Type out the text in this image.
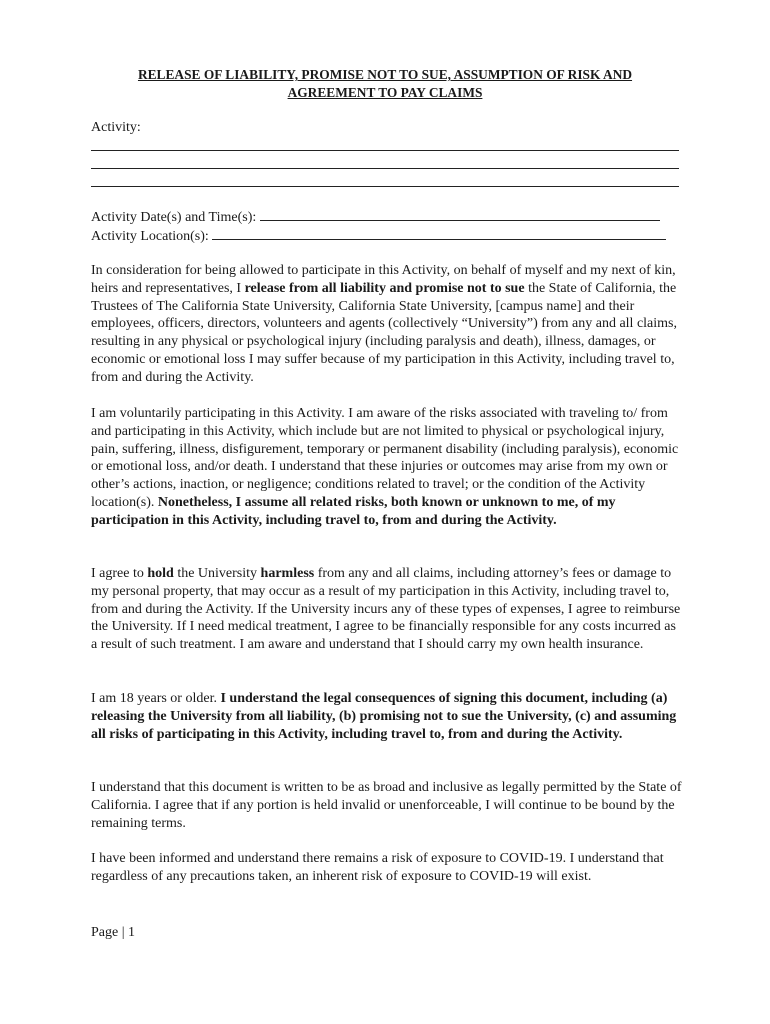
RELEASE OF LIABILITY, PROMISE NOT TO SUE, ASSUMPTION OF RISK AND
AGREEMENT TO PAY CLAIMS
Activity:
Activity Date(s) and Time(s):
Activity Location(s):

In consideration for being allowed to participate in this Activity, on behalf of myself and my next of kin, heirs and representatives, I release from all liability and promise not to sue the State of California, the Trustees of The California State University, California State University, [campus name] and their employees, officers, directors, volunteers and agents (collectively “University”) from any and all claims, resulting in any physical or psychological injury (including paralysis and death), illness, damages, or economic or emotional loss I may suffer because of my participation in this Activity, including travel to, from and during the Activity.

I am voluntarily participating in this Activity. I am aware of the risks associated with traveling to/ from and participating in this Activity, which include but are not limited to physical or psychological injury, pain, suffering, illness, disfigurement, temporary or permanent disability (including paralysis), economic or emotional loss, and/or death. I understand that these injuries or outcomes may arise from my own or other’s actions, inaction, or negligence; conditions related to travel; or the condition of the Activity location(s). Nonetheless, I assume all related risks, both known or unknown to me, of my participation in this Activity, including travel to, from and during the Activity.

I agree to hold the University harmless from any and all claims, including attorney’s fees or damage to my personal property, that may occur as a result of my participation in this Activity, including travel to, from and during the Activity. If the University incurs any of these types of expenses, I agree to reimburse the University. If I need medical treatment, I agree to be financially responsible for any costs incurred as a result of such treatment. I am aware and understand that I should carry my own health insurance.

I am 18 years or older. I understand the legal consequences of signing this document, including (a) releasing the University from all liability, (b) promising not to sue the University, (c) and assuming all risks of participating in this Activity, including travel to, from and during the Activity.

I understand that this document is written to be as broad and inclusive as legally permitted by the State of California. I agree that if any portion is held invalid or unenforceable, I will continue to be bound by the remaining terms.

I have been informed and understand there remains a risk of exposure to COVID-19. I understand that regardless of any precautions taken, an inherent risk of exposure to COVID-19 will exist.

Page | 1
